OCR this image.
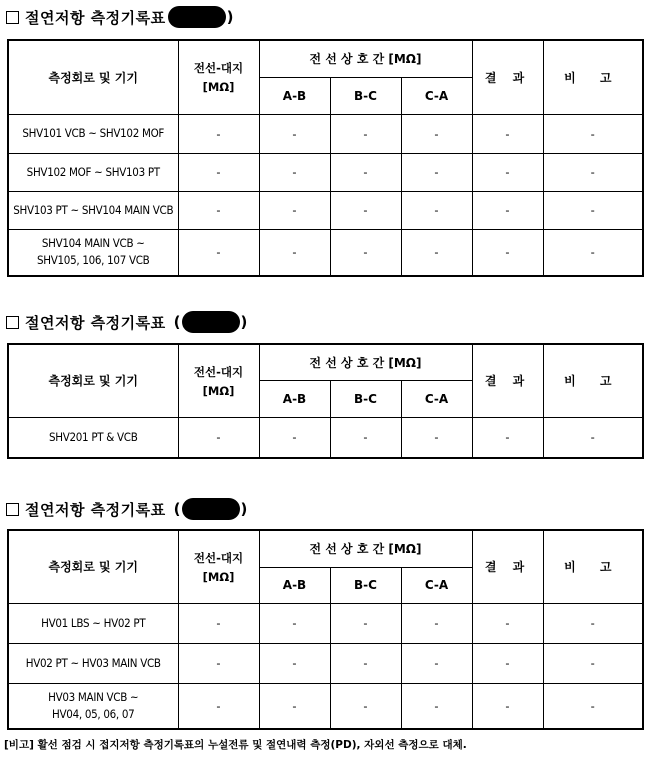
절연저항 측정기록표	)
측정회로 및 기기	전선-대지
[MΩ]	전 선 상 호 간 [MΩ]			결 과	비 고
		A-B	B-C	C-A		

SHV101 VCB ~ SHV102 MOF	-	-	-	-	-	-

SHV102 MOF ~ SHV103 PT	-	-	-	-	-	-

SHV103 PT ~ SHV104 MAIN VCB	-	-	-	-	-	-

SHV104 MAIN VCB ~
SHV105, 106, 107 VCB	-	-	-	-	-	-
절연저항 측정기록표 (	)
측정회로 및 기기	전선-대지
[MΩ]	전 선 상 호 간 [MΩ]			결 과	비 고
		A-B	B-C	C-A		

SHV201 PT & VCB	-	-	-	-	-	-
절연저항 측정기록표 (	)
측정회로 및 기기	전선-대지
[MΩ]	전 선 상 호 간 [MΩ]			결 과	비 고
		A-B	B-C	C-A		

HV01 LBS ~ HV02 PT	-	-	-	-	-	-

HV02 PT ~ HV03 MAIN VCB	-	-	-	-	-	-

HV03 MAIN VCB ~
HV04, 05, 06, 07	-	-	-	-	-	-
[비고] 활선 점검 시 접지저항 측정기록표의 누설전류 및 절연내력 측정(PD), 자외선 측정으로 대체.
